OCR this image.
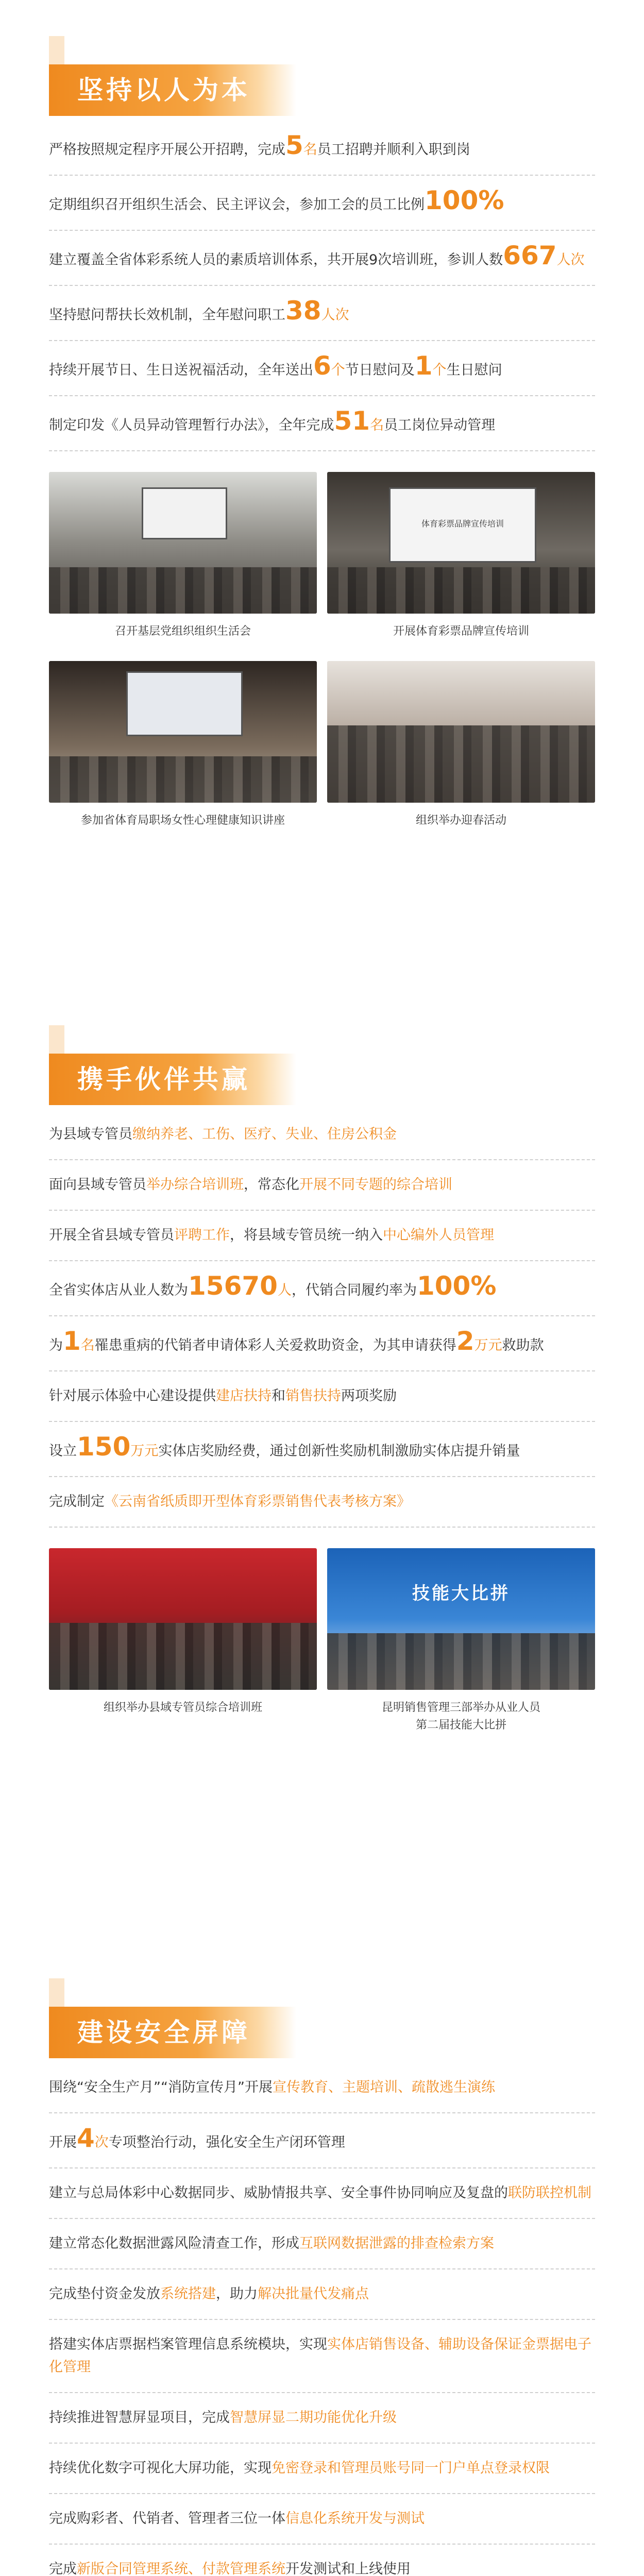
坚持以人为本
严格按照规定程序开展公开招聘，完成5名员工招聘并顺利入职到岗
定期组织召开组织生活会、民主评议会，参加工会的员工比例100%
建立覆盖全省体彩系统人员的素质培训体系，共开展9次培训班，参训人数667人次
坚持慰问帮扶长效机制，全年慰问职工38人次
持续开展节日、生日送祝福活动，全年送出6个节日慰问及1个生日慰问
制定印发《人员异动管理暂行办法》，全年完成51名员工岗位异动管理
召开基层党组织组织生活会
体育彩票品牌宣传培训
开展体育彩票品牌宣传培训
参加省体育局职场女性心理健康知识讲座	组织举办迎春活动
携手伙伴共赢
为县域专管员缴纳养老、工伤、医疗、失业、住房公积金
面向县域专管员举办综合培训班，常态化开展不同专题的综合培训
开展全省县域专管员评聘工作，将县域专管员统一纳入中心编外人员管理
全省实体店从业人数为15670人，代销合同履约率为100%
为1名罹患重病的代销者申请体彩人关爱救助资金，为其申请获得2万元救助款
针对展示体验中心建设提供建店扶持和销售扶持两项奖励
设立150万元实体店奖励经费，通过创新性奖励机制激励实体店提升销量
完成制定《云南省纸质即开型体育彩票销售代表考核方案》
组织举办县域专管员综合培训班
技能大比拼
昆明销售管理三部举办从业人员
第二届技能大比拼
建设安全屏障
围绕“安全生产月”“消防宣传月”开展宣传教育、主题培训、疏散逃生演练
开展4次专项整治行动，强化安全生产闭环管理
建立与总局体彩中心数据同步、威胁情报共享、安全事件协同响应及复盘的联防联控机制
建立常态化数据泄露风险清查工作，形成互联网数据泄露的排查检索方案
完成垫付资金发放系统搭建，助力解决批量代发痛点
搭建实体店票据档案管理信息系统模块，实现实体店销售设备、辅助设备保证金票据电子化管理
持续推进智慧屏显项目，完成智慧屏显二期功能优化升级
持续优化数字可视化大屏功能，实现免密登录和管理员账号同一门户单点登录权限
完成购彩者、代销者、管理者三位一体信息化系统开发与测试
完成新版合同管理系统、付款管理系统开发测试和上线使用
